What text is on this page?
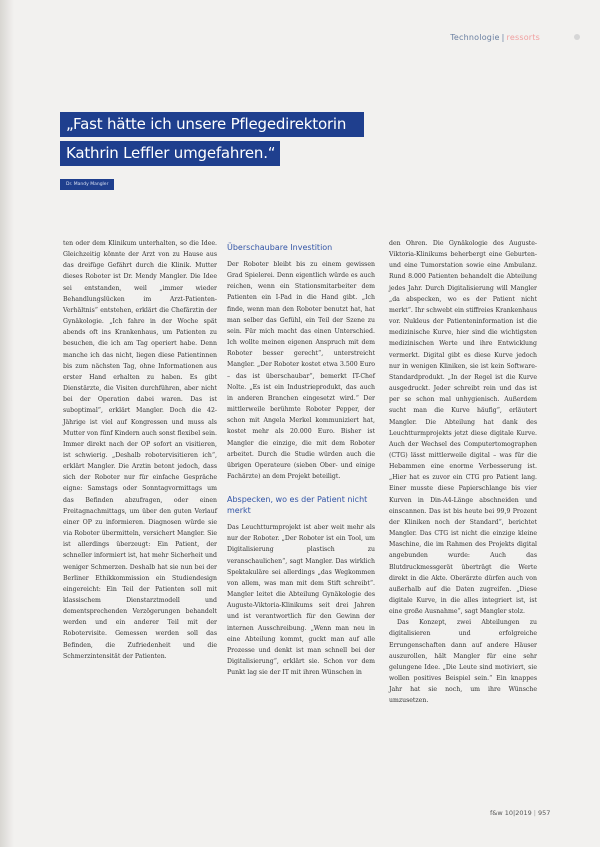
Technologie | ressorts
„Fast hätte ich unsere Pflegedirektorin
Kathrin Leffler umgefahren.“
Dr. Mandy Mangler

ten oder dem Klinikum unterhalten, so die Idee. Gleichzeitig könnte der Arzt von zu Hause aus das dreifüge Gefährt durch die Klinik. Mutter dieses Roboter ist Dr. Mendy Mangler. Die Idee sei entstanden, weil „immer wieder Behandlungslücken im Arzt-Patienten-Verhältnis“ entstehen, erklärt die Chefärztin der Gynäkologie. „Ich fahre in der Woche spät abends oft ins Krankenhaus, um Patienten zu besuchen, die ich am Tag operiert habe. Denn manche ich das nicht, liegen diese Patientinnen bis zum nächsten Tag, ohne Informationen aus erster Hand erhalten zu haben. Es gibt Dienstärzte, die Visiten durchführen, aber nicht bei der Operation dabei waren. Das ist suboptimal“, erklärt Mangler. Doch die 42-Jährige ist viel auf Kongressen und muss als Mutter von fünf Kindern auch sonst flexibel sein. Immer direkt nach der OP sofort an visitieren, ist schwierig. „Deshalb robotervisitieren ich“, erklärt Mangler. Die Arztin betont jedoch, dass sich der Roboter nur für einfache Gespräche eigne: Samstags oder Sonntagvormittags um das Befinden abzufragen, oder einen Freitagnachmittags, um über den guten Verlauf einer OP zu informieren. Diagnosen würde sie via Roboter übermitteln, versichert Mangler. Sie ist allerdings überzeugt: Ein Patient, der schneller informiert ist, hat mehr Sicherheit und weniger Schmerzen. Deshalb hat sie nun bei der Berliner Ethikkommission ein Studiendesign eingereicht: Ein Teil der Patienten soll mit klassischem Dienstarztmodell und dementsprechenden Verzögerungen behandelt werden und ein anderer Teil mit der Robotervisite. Gemessen werden soll das Befinden, die Zufriedenheit und die Schmerzintensität der Patienten.

Überschaubare Investition

Der Roboter bleibt bis zu einem gewissen Grad Spielerei. Denn eigentlich würde es auch reichen, wenn ein Stationsmitarbeiter dem Patienten ein I-Pad in die Hand gibt. „Ich finde, wenn man den Roboter benutzt hat, hat man selber das Gefühl, ein Teil der Szene zu sein. Für mich macht das einen Unterschied. Ich wollte meinen eigenen Anspruch mit dem Roboter besser gerecht“, unterstreicht Mangler. „Der Roboter kostet etwa 3.500 Euro – das ist überschaubar“, bemerkt IT-Chef Nolte. „Es ist ein Industrieprodukt, das auch in anderen Branchen eingesetzt wird.“ Der mittlerweile berühmte Roboter Pepper, der schon mit Angela Merkel kommuniziert hat, kostet mehr als 20.000 Euro. Bisher ist Mangler die einzige, die mit dem Roboter arbeitet. Durch die Studie würden auch die übrigen Operateure (sieben Ober- und einige Fachärzte) an dem Projekt beteiligt.

Abspecken, wo es der Patient nicht merkt

Das Leuchtturmprojekt ist aber weit mehr als nur der Roboter. „Der Roboter ist ein Tool, um Digitalisierung plastisch zu veranschaulichen“, sagt Mangler. Das wirklich Spektakuläre sei allerdings „das Wegkommen von allem, was man mit dem Stift schreibt“. Mangler leitet die Abteilung Gynäkologie des Auguste-Viktoria-Klinikums seit drei Jahren und ist verantwortlich für den Gewinn der internen Ausschreibung. „Wenn man neu in eine Abteilung kommt, guckt man auf alle Prozesse und denkt ist man schnell bei der Digitalisierung“, erklärt sie. Schon vor dem Punkt lag sie der IT mit ihren Wünschen in

den Ohren. Die Gynäkologie des Auguste-Viktoria-Klinikums beherbergt eine Geburten- und eine Tumorstation sowie eine Ambulanz. Rund 8.000 Patienten behandelt die Abteilung jedes Jahr. Durch Digitalisierung will Mangler „da abspecken, wo es der Patient nicht merkt“. Ihr schwebt ein stiffreies Krankenhaus vor. Nukleus der Patienteninformation ist die medizinische Kurve, hier sind die wichtigsten medizinischen Werte und ihre Entwicklung vermerkt. Digital gibt es diese Kurve jedoch nur in wenigen Kliniken, sie ist kein Software-Standardprodukt. „In der Regel ist die Kurve ausgedruckt. Jeder schreibt rein und das ist per se schon mal unhygienisch. Außerdem sucht man die Kurve häufig“, erläutert Mangler. Die Abteilung hat dank des Leuchtturmprojekts jetzt diese digitale Kurve. Auch der Wechsel des Computertomographen (CTG) lässt mittlerweile digital – was für die Hebammen eine enorme Verbesserung ist. „Hier hat es zuvor ein CTG pro Patient lang. Einer musste diese Papierschlange bis vier Kurven in Din-A4-Länge abschneiden und einscannen. Das ist bis heute bei 99,9 Prozent der Kliniken noch der Standard“, berichtet Mangler. Das CTG ist nicht die einzige kleine Maschine, die im Rahmen des Projekts digital angebunden wurde: Auch das Blutdruckmessgerät überträgt die Werte direkt in die Akte. Oberärzte dürfen auch von außerhalb auf die Daten zugreifen. „Diese digitale Kurve, in die alles integriert ist, ist eine große Ausnahme“, sagt Mangler stolz.

Das Konzept, zwei Abteilungen zu digitalisieren und erfolgreiche Errungenschaften dann auf andere Häuser auszurollen, hält Mangler für eine sehr gelungene Idee. „Die Leute sind motiviert, sie wollen positives Beispiel sein.“ Ein knappes Jahr hat sie noch, um ihre Wünsche umzusetzen.

f&w 10|2019 | 957
